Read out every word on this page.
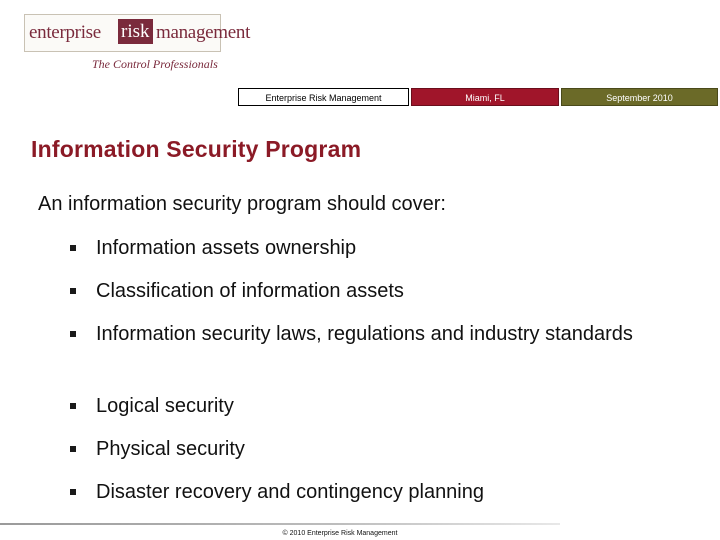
enterprise risk management
The Control Professionals
Enterprise Risk Management	Miami, FL	September 2010
Information Security Program
An information security program should cover:
Information assets ownership
Classification of information assets
Information security laws, regulations and industry standards
Logical security
Physical security
Disaster recovery and contingency planning
© 2010 Enterprise Risk Management
